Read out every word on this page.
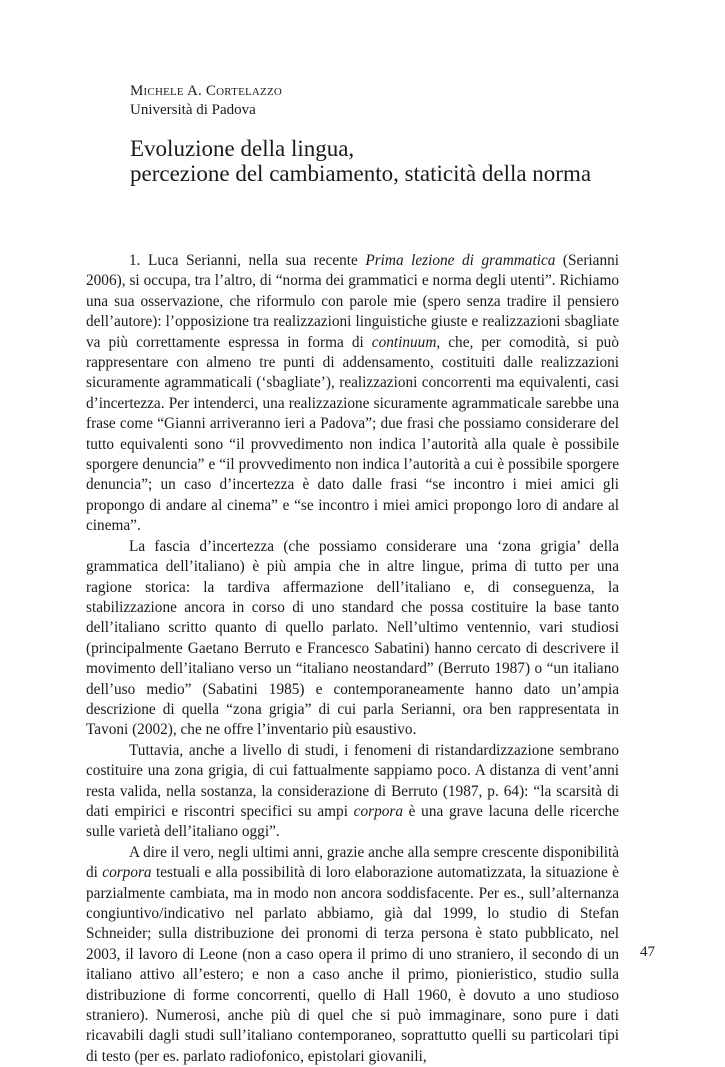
Michele A. Cortelazzo
Università di Padova
Evoluzione della lingua,
percezione del cambiamento, staticità della norma

1. Luca Serianni, nella sua recente Prima lezione di grammatica (Serianni 2006), si occupa, tra l’altro, di “norma dei grammatici e norma degli utenti”. Richiamo una sua osservazione, che riformulo con parole mie (spero senza tradire il pensiero dell’autore): l’opposizione tra realizzazioni linguistiche giuste e realizzazioni sbagliate va più correttamente espressa in forma di continuum, che, per comodità, si può rappresentare con almeno tre punti di addensamento, costituiti dalle realizzazioni sicuramente agrammaticali (‘sbagliate’), realizzazioni concorrenti ma equivalenti, casi d’incertezza. Per intenderci, una realizzazione sicuramente agrammaticale sarebbe una frase come “Gianni arriveranno ieri a Padova”; due frasi che possiamo considerare del tutto equivalenti sono “il provvedimento non indica l’autorità alla quale è possibile sporgere denuncia” e “il provvedimento non indica l’autorità a cui è possibile sporgere denuncia”; un caso d’incertezza è dato dalle frasi “se incontro i miei amici gli propongo di andare al cinema” e “se incontro i miei amici propongo loro di andare al cinema”.

La fascia d’incertezza (che possiamo considerare una ‘zona grigia’ della grammatica dell’italiano) è più ampia che in altre lingue, prima di tutto per una ragione storica: la tardiva affermazione dell’italiano e, di conseguenza, la stabilizzazione ancora in corso di uno standard che possa costituire la base tanto dell’italiano scritto quanto di quello parlato. Nell’ultimo ventennio, vari studiosi (principalmente Gaetano Berruto e Francesco Sabatini) hanno cercato di descrivere il movimento dell’italiano verso un “italiano neostandard” (Berruto 1987) o “un italiano dell’uso medio” (Sabatini 1985) e contemporaneamente hanno dato un’ampia descrizione di quella “zona grigia” di cui parla Serianni, ora ben rappresentata in Tavoni (2002), che ne offre l’inventario più esaustivo.

Tuttavia, anche a livello di studi, i fenomeni di ristandardizzazione sembrano costituire una zona grigia, di cui fattualmente sappiamo poco. A distanza di vent’anni resta valida, nella sostanza, la considerazione di Berruto (1987, p. 64): “la scarsità di dati empirici e riscontri specifici su ampi corpora è una grave lacuna delle ricerche sulle varietà dell’italiano oggi”.

A dire il vero, negli ultimi anni, grazie anche alla sempre crescente disponibilità di corpora testuali e alla possibilità di loro elaborazione automatizzata, la situazione è parzialmente cambiata, ma in modo non ancora soddisfacente. Per es., sull’alternanza congiuntivo/indicativo nel parlato abbiamo, già dal 1999, lo studio di Stefan Schneider; sulla distribuzione dei pronomi di terza persona è stato pubblicato, nel 2003, il lavoro di Leone (non a caso opera il primo di uno straniero, il secondo di un italiano attivo all’estero; e non a caso anche il primo, pionieristico, studio sulla distribuzione di forme concorrenti, quello di Hall 1960, è dovuto a uno studioso straniero). Numerosi, anche più di quel che si può immaginare, sono pure i dati ricavabili dagli studi sull’italiano contemporaneo, soprattutto quelli su particolari tipi di testo (per es. parlato radiofonico, epistolari giovanili,

47
